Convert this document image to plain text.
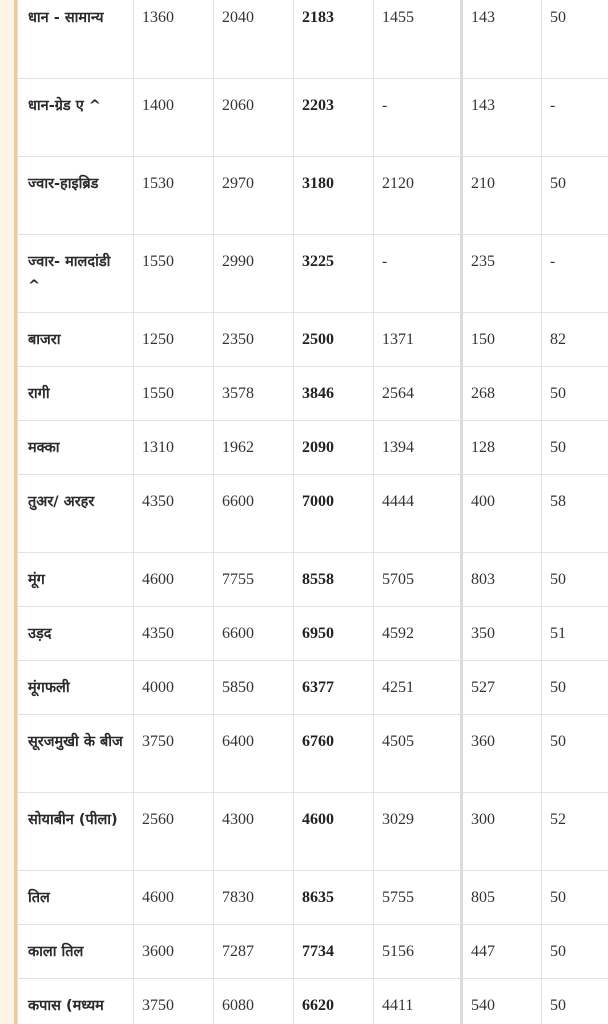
धान - सामान्य	1360	2040	2183	1455	143	50
धान-ग्रेड ए ^	1400	2060	2203	-	143	-
ज्वार-हाइब्रिड	1530	2970	3180	2120	210	50
ज्वार- मालदांडी ^	1550	2990	3225	-	235	-
बाजरा	1250	2350	2500	1371	150	82
रागी	1550	3578	3846	2564	268	50
मक्का	1310	1962	2090	1394	128	50
तुअर/ अरहर	4350	6600	7000	4444	400	58
मूंग	4600	7755	8558	5705	803	50
उड़द	4350	6600	6950	4592	350	51
मूंगफली	4000	5850	6377	4251	527	50
सूरजमुखी के बीज	3750	6400	6760	4505	360	50
सोयाबीन (पीला)	2560	4300	4600	3029	300	52
तिल	4600	7830	8635	5755	805	50
काला तिल	3600	7287	7734	5156	447	50
कपास (मध्यम	3750	6080	6620	4411	540	50
